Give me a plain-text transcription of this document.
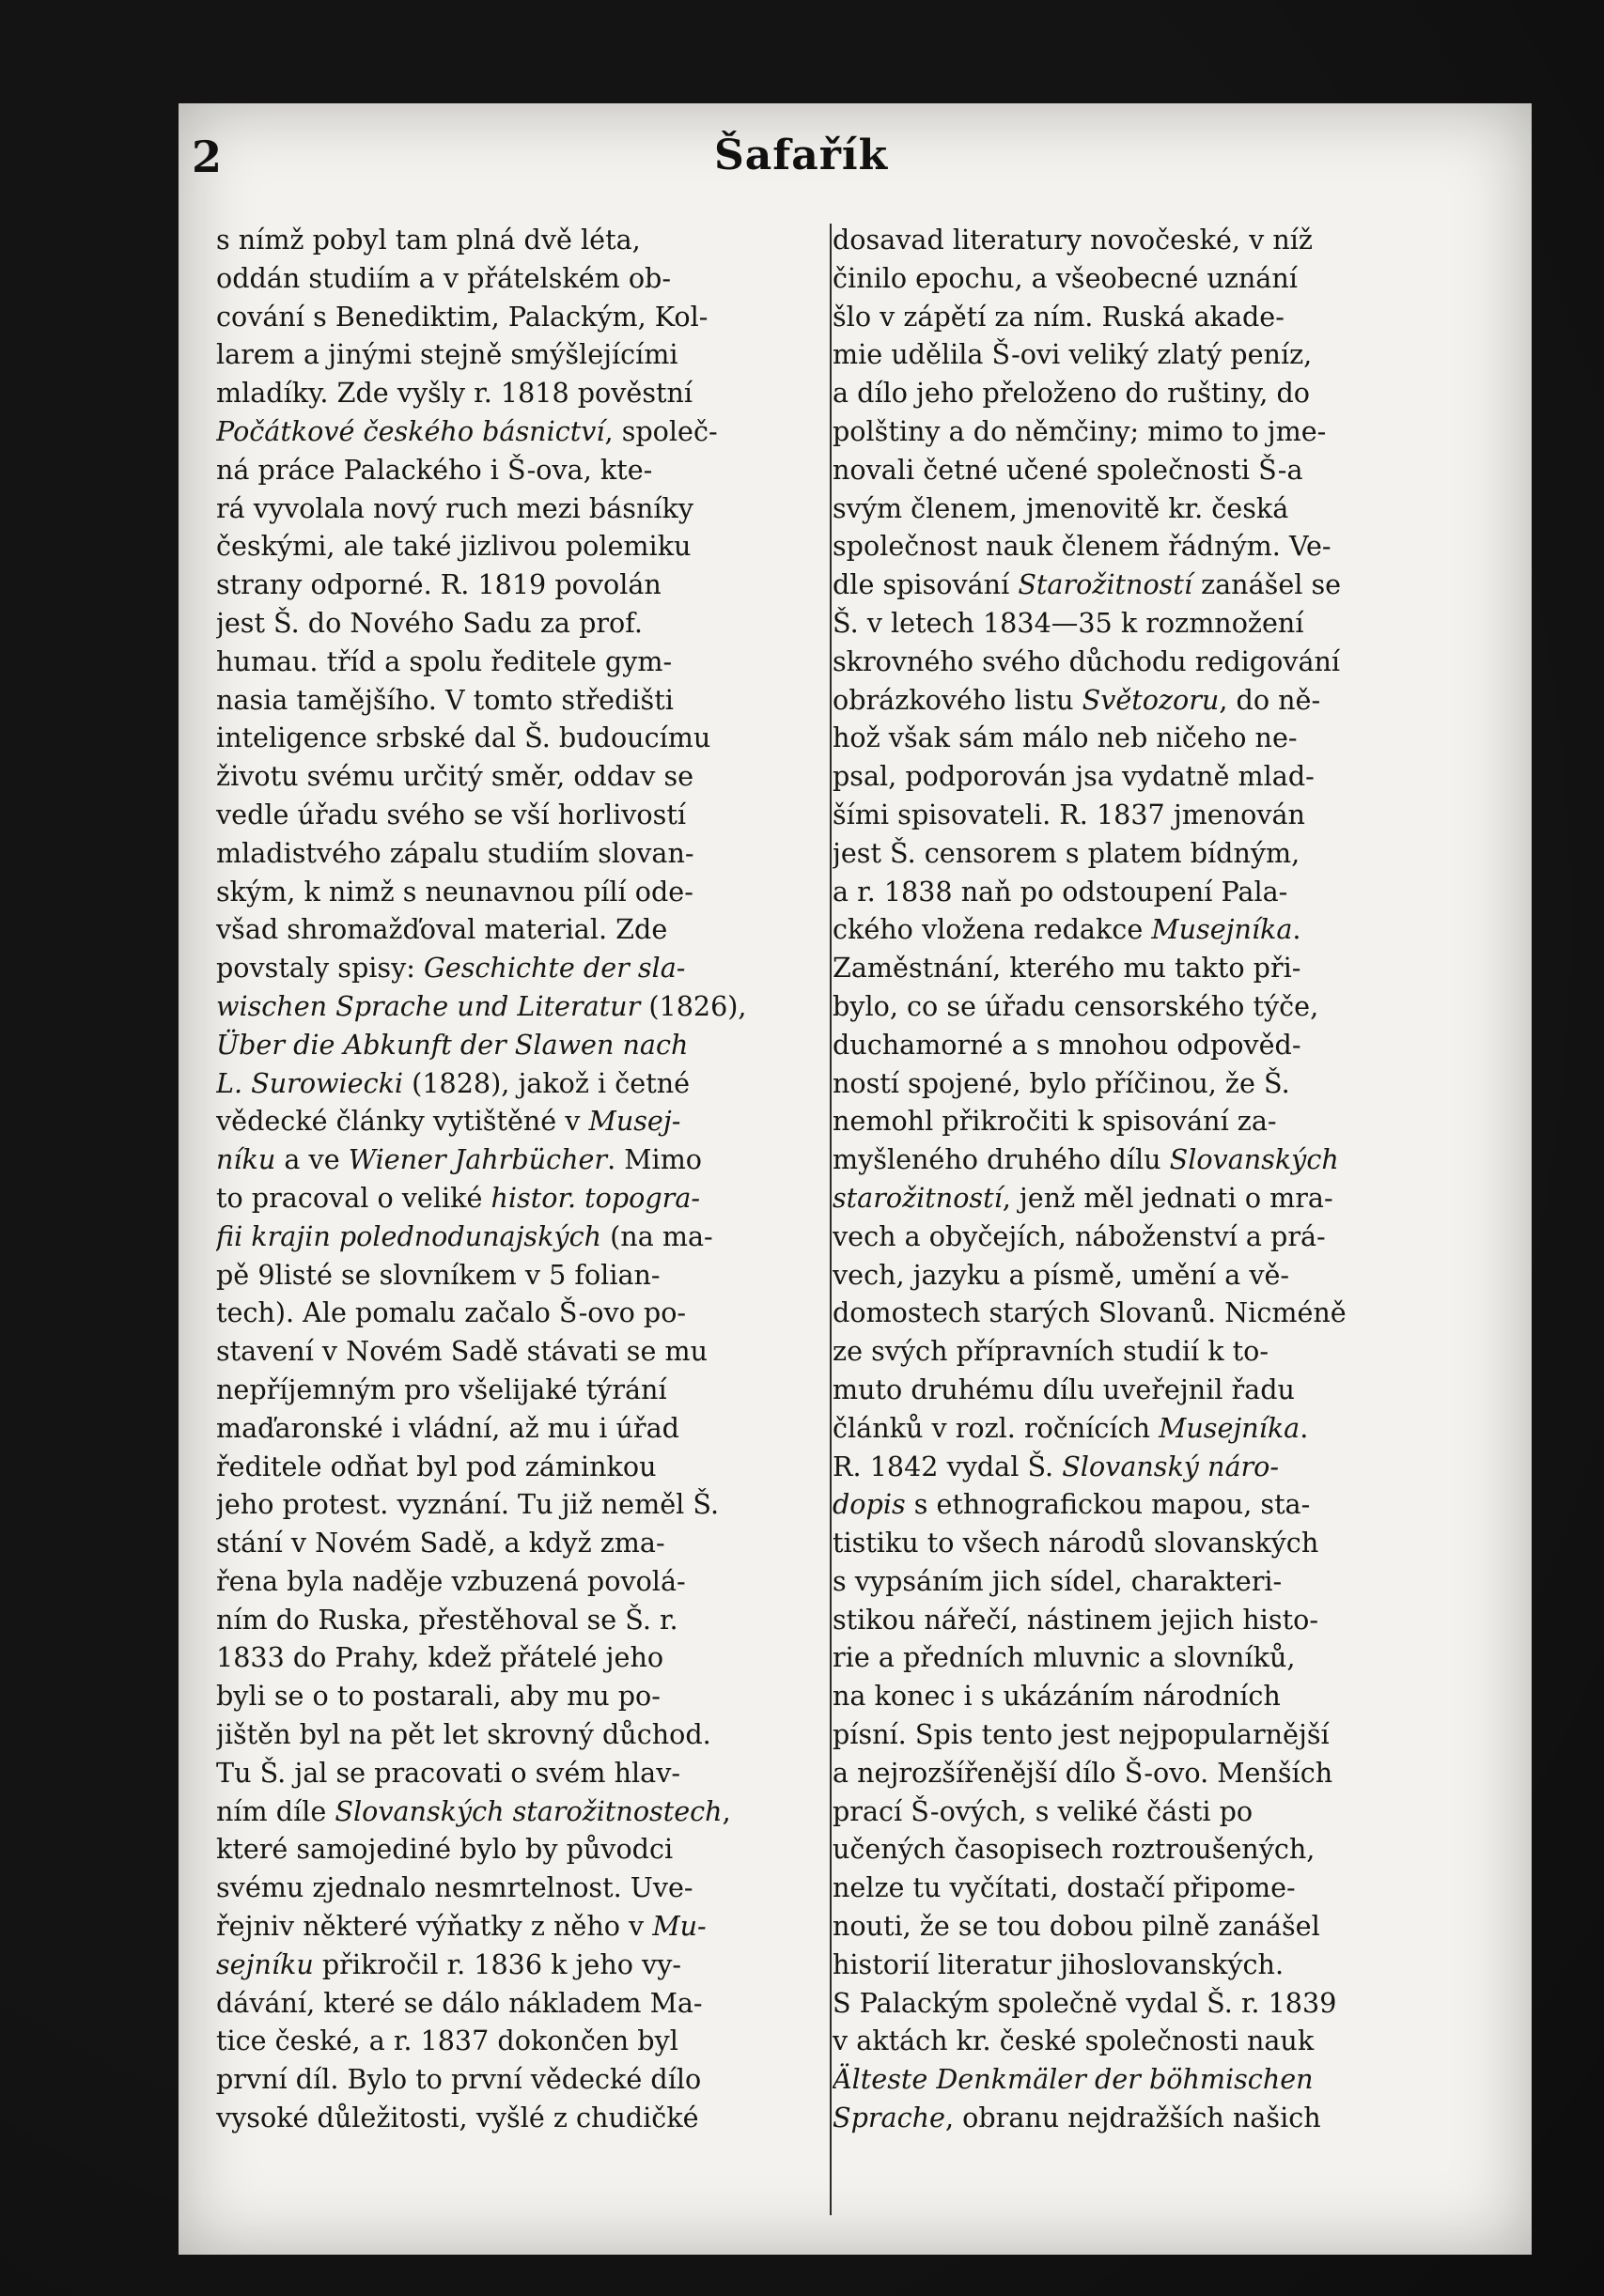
2	Šafařík
s nímž pobyl tam plná dvě léta,
oddán studiím a v přátelském ob-
cování s Benediktim, Palackým, Kol-
larem a jinými stejně smýšlejícími
mladíky. Zde vyšly r. 1818 pověstní
Počátkové českého básnictví, společ-
ná práce Palackého i Š-ova, kte-
rá vyvolala nový ruch mezi básníky
českými, ale také jizlivou polemiku
strany odporné. R. 1819 povolán
jest Š. do Nového Sadu za prof.
humau. tříd a spolu ředitele gym-
nasia tamějšího. V tomto středišti
inteligence srbské dal Š. budoucímu
životu svému určitý směr, oddav se
vedle úřadu svého se vší horlivostí
mladistvého zápalu studiím slovan-
ským, k nimž s neunavnou pílí ode-
všad shromažďoval material. Zde
povstaly spisy: Geschichte der sla-
wischen Sprache und Literatur (1826),
Über die Abkunft der Slawen nach
L. Surowiecki (1828), jakož i četné
vědecké články vytištěné v Musej-
níku a ve Wiener Jahrbücher. Mimo
to pracoval o veliké histor. topogra-
fii krajin polednodunajských (na ma-
pě 9listé se slovníkem v 5 folian-
tech). Ale pomalu začalo Š-ovo po-
stavení v Novém Sadě stávati se mu
nepříjemným pro všelijaké týrání
maďaronské i vládní, až mu i úřad
ředitele odňat byl pod záminkou
jeho protest. vyznání. Tu již neměl Š.
stání v Novém Sadě, a když zma-
řena byla naděje vzbuzená povolá-
ním do Ruska, přestěhoval se Š. r.
1833 do Prahy, kdež přátelé jeho
byli se o to postarali, aby mu po-
jištěn byl na pět let skrovný důchod.
Tu Š. jal se pracovati o svém hlav-
ním díle Slovanských starožitnostech,
které samojediné bylo by původci
svému zjednalo nesmrtelnost. Uve-
řejniv některé výňatky z něho v Mu-
sejníku přikročil r. 1836 k jeho vy-
dávání, které se dálo nákladem Ma-
tice české, a r. 1837 dokončen byl
první díl. Bylo to první vědecké dílo
vysoké důležitosti, vyšlé z chudičké
dosavad literatury novočeské, v níž
činilo epochu, a všeobecné uznání
šlo v zápětí za ním. Ruská akade-
mie udělila Š-ovi veliký zlatý peníz,
a dílo jeho přeloženo do ruštiny, do
polštiny a do němčiny; mimo to jme-
novali četné učené společnosti Š-a
svým členem, jmenovitě kr. česká
společnost nauk členem řádným. Ve-
dle spisování Starožitností zanášel se
Š. v letech 1834—35 k rozmnožení
skrovného svého důchodu redigování
obrázkového listu Světozoru, do ně-
hož však sám málo neb ničeho ne-
psal, podporován jsa vydatně mlad-
šími spisovateli. R. 1837 jmenován
jest Š. censorem s platem bídným,
a r. 1838 naň po odstoupení Pala-
ckého vložena redakce Musejníka.
Zaměstnání, kterého mu takto při-
bylo, co se úřadu censorského týče,
duchamorné a s mnohou odpověd-
ností spojené, bylo příčinou, že Š.
nemohl přikročiti k spisování za-
myšleného druhého dílu Slovanských
starožitností, jenž měl jednati o mra-
vech a obyčejích, náboženství a prá-
vech, jazyku a písmě, umění a vě-
domostech starých Slovanů. Nicméně
ze svých přípravních studií k to-
muto druhému dílu uveřejnil řadu
článků v rozl. ročnících Musejníka.
R. 1842 vydal Š. Slovanský náro-
dopis s ethnografickou mapou, sta-
tistiku to všech národů slovanských
s vypsáním jich sídel, charakteri-
stikou nářečí, nástinem jejich histo-
rie a předních mluvnic a slovníků,
na konec i s ukázáním národních
písní. Spis tento jest nejpopularnější
a nejrozšířenější dílo Š-ovo. Menších
prací Š-ových, s veliké části po
učených časopisech roztroušených,
nelze tu vyčítati, dostačí připome-
nouti, že se tou dobou pilně zanášel
historií literatur jihoslovanských.
S Palackým společně vydal Š. r. 1839
v aktách kr. české společnosti nauk
Älteste Denkmäler der böhmischen
Sprache, obranu nejdražších našich
